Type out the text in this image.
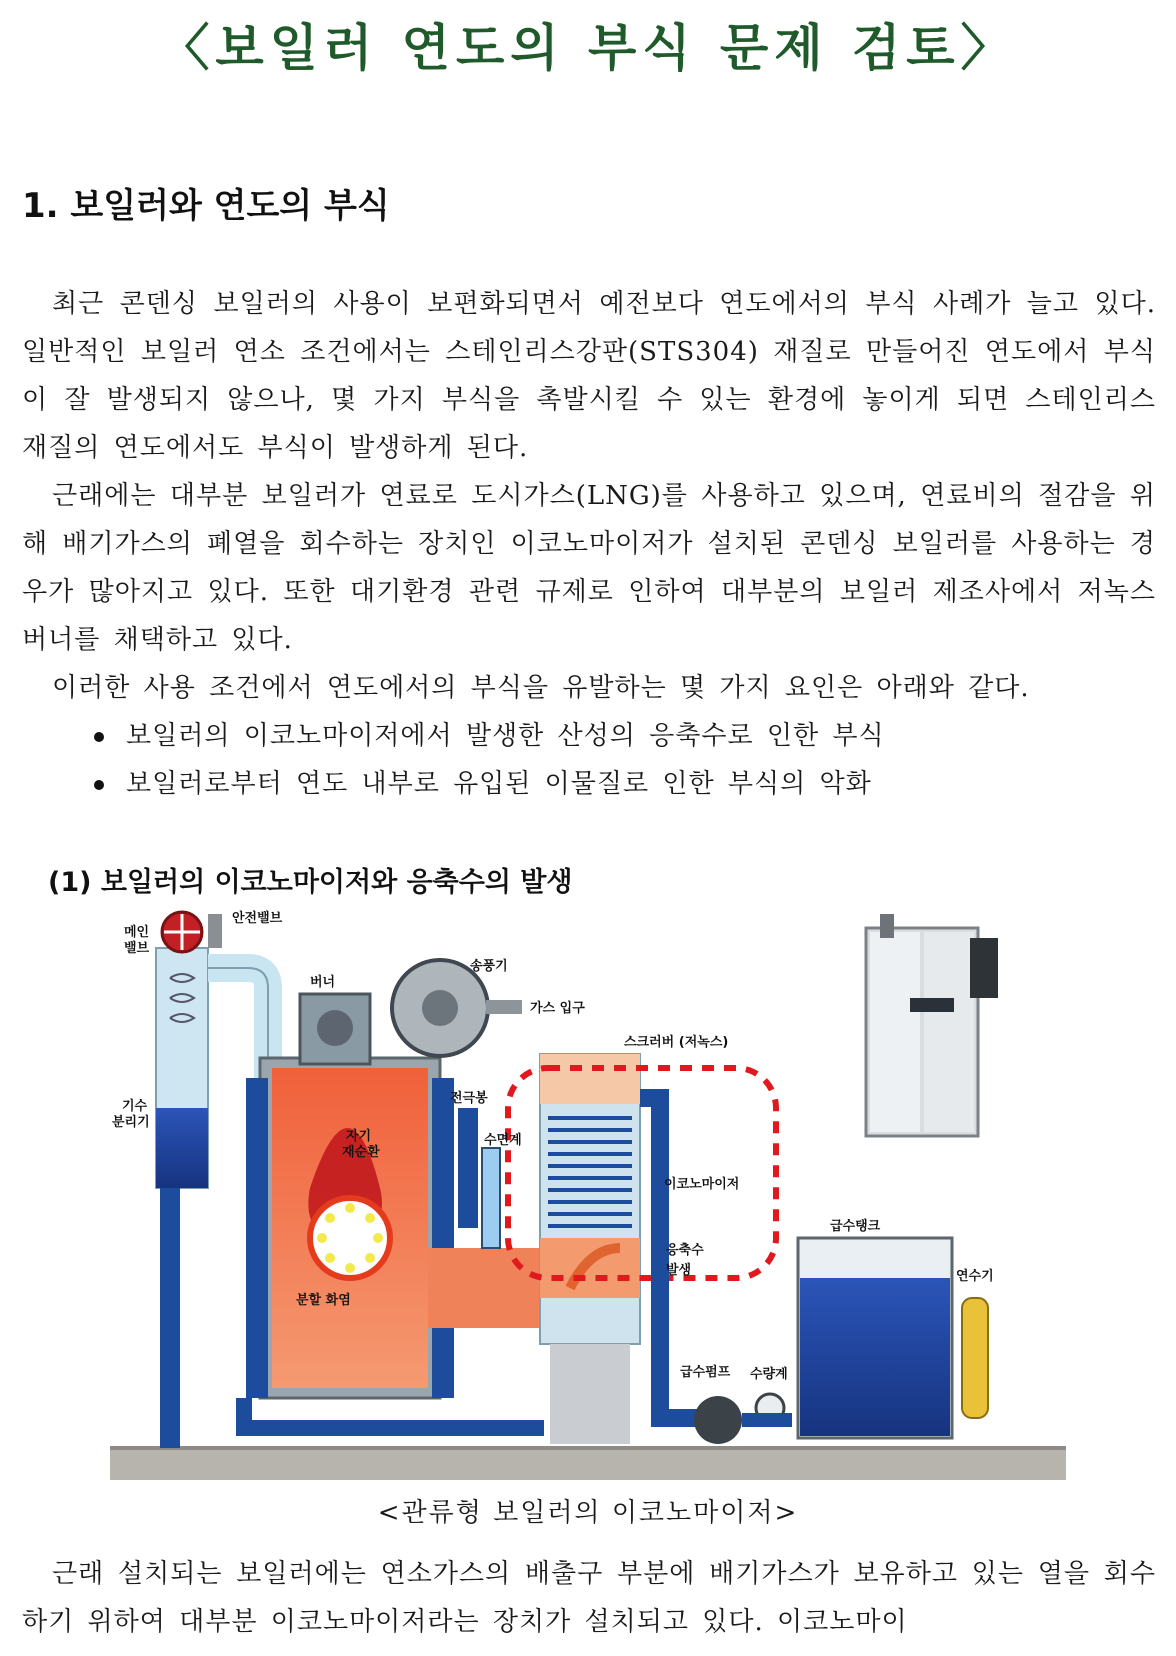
〈보일러 연도의 부식 문제 검토〉
1. 보일러와 연도의 부식

최근 콘덴싱 보일러의 사용이 보편화되면서 예전보다 연도에서의 부식 사례가 늘고 있다. 일반적인 보일러 연소 조건에서는 스테인리스강판(STS304) 재질로 만들어진 연도에서 부식이 잘 발생되지 않으나, 몇 가지 부식을 촉발시킬 수 있는 환경에 놓이게 되면 스테인리스 재질의 연도에서도 부식이 발생하게 된다.

근래에는 대부분 보일러가 연료로 도시가스(LNG)를 사용하고 있으며, 연료비의 절감을 위해 배기가스의 폐열을 회수하는 장치인 이코노마이저가 설치된 콘덴싱 보일러를 사용하는 경우가 많아지고 있다. 또한 대기환경 관련 규제로 인하여 대부분의 보일러 제조사에서 저녹스 버너를 채택하고 있다.

이러한 사용 조건에서 연도에서의 부식을 유발하는 몇 가지 요인은 아래와 같다.

보일러의 이코노마이저에서 발생한 산성의 응축수로 인한 부식
보일러로부터 연도 내부로 유입된 이물질로 인한 부식의 악화
(1) 보일러의 이코노마이저와 응축수의 발생
메인
밸브
안전밸브
버너
송풍기
가스 입구
스크러버 (저녹스)
전극봉
수면계
기수
분리기
자기
재순환
분할 화염
이코노마이저
응축수
발생
급수탱크
연수기
급수펌프 수량계
<관류형 보일러의 이코노마이저>

근래 설치되는 보일러에는 연소가스의 배출구 부분에 배기가스가 보유하고 있는 열을 회수하기 위하여 대부분 이코노마이저라는 장치가 설치되고 있다. 이코노마이
